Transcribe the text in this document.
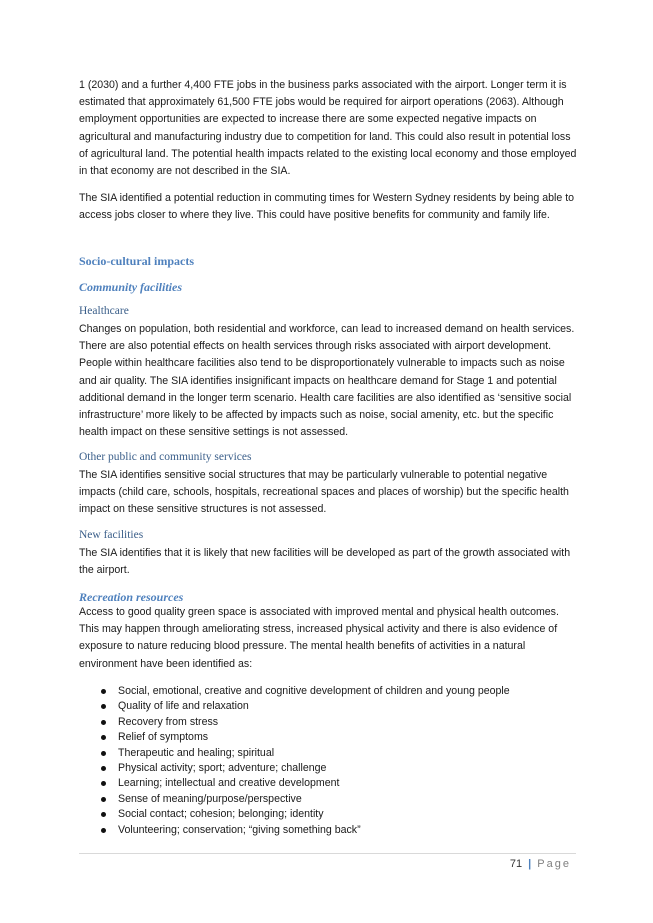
1 (2030) and a further 4,400 FTE jobs in the business parks associated with the airport. Longer term it is estimated that approximately 61,500 FTE jobs would be required for airport operations (2063). Although employment opportunities are expected to increase there are some expected negative impacts on agricultural and manufacturing industry due to competition for land. This could also result in potential loss of agricultural land. The potential health impacts related to the existing local economy and those employed in that economy are not described in the SIA.

The SIA identified a potential reduction in commuting times for Western Sydney residents by being able to access jobs closer to where they live. This could have positive benefits for community and family life.

Socio-cultural impacts
Community facilities
Healthcare

Changes on population, both residential and workforce, can lead to increased demand on health services. There are also potential effects on health services through risks associated with airport development. People within healthcare facilities also tend to be disproportionately vulnerable to impacts such as noise and air quality. The SIA identifies insignificant impacts on healthcare demand for Stage 1 and potential additional demand in the longer term scenario. Health care facilities are also identified as ‘sensitive social infrastructure’ more likely to be affected by impacts such as noise, social amenity, etc. but the specific health impact on these sensitive settings is not assessed.

Other public and community services

The SIA identifies sensitive social structures that may be particularly vulnerable to potential negative impacts (child care, schools, hospitals, recreational spaces and places of worship) but the specific health impact on these sensitive structures is not assessed.

New facilities

The SIA identifies that it is likely that new facilities will be developed as part of the growth associated with the airport.

Recreation resources

Access to good quality green space is associated with improved mental and physical health outcomes. This may happen through ameliorating stress, increased physical activity and there is also evidence of exposure to nature reducing blood pressure. The mental health benefits of activities in a natural environment have been identified as:

Social, emotional, creative and cognitive development of children and young people
Quality of life and relaxation
Recovery from stress
Relief of symptoms
Therapeutic and healing; spiritual
Physical activity; sport; adventure; challenge
Learning; intellectual and creative development
Sense of meaning/purpose/perspective
Social contact; cohesion; belonging; identity
Volunteering; conservation; “giving something back”
71 | Page
